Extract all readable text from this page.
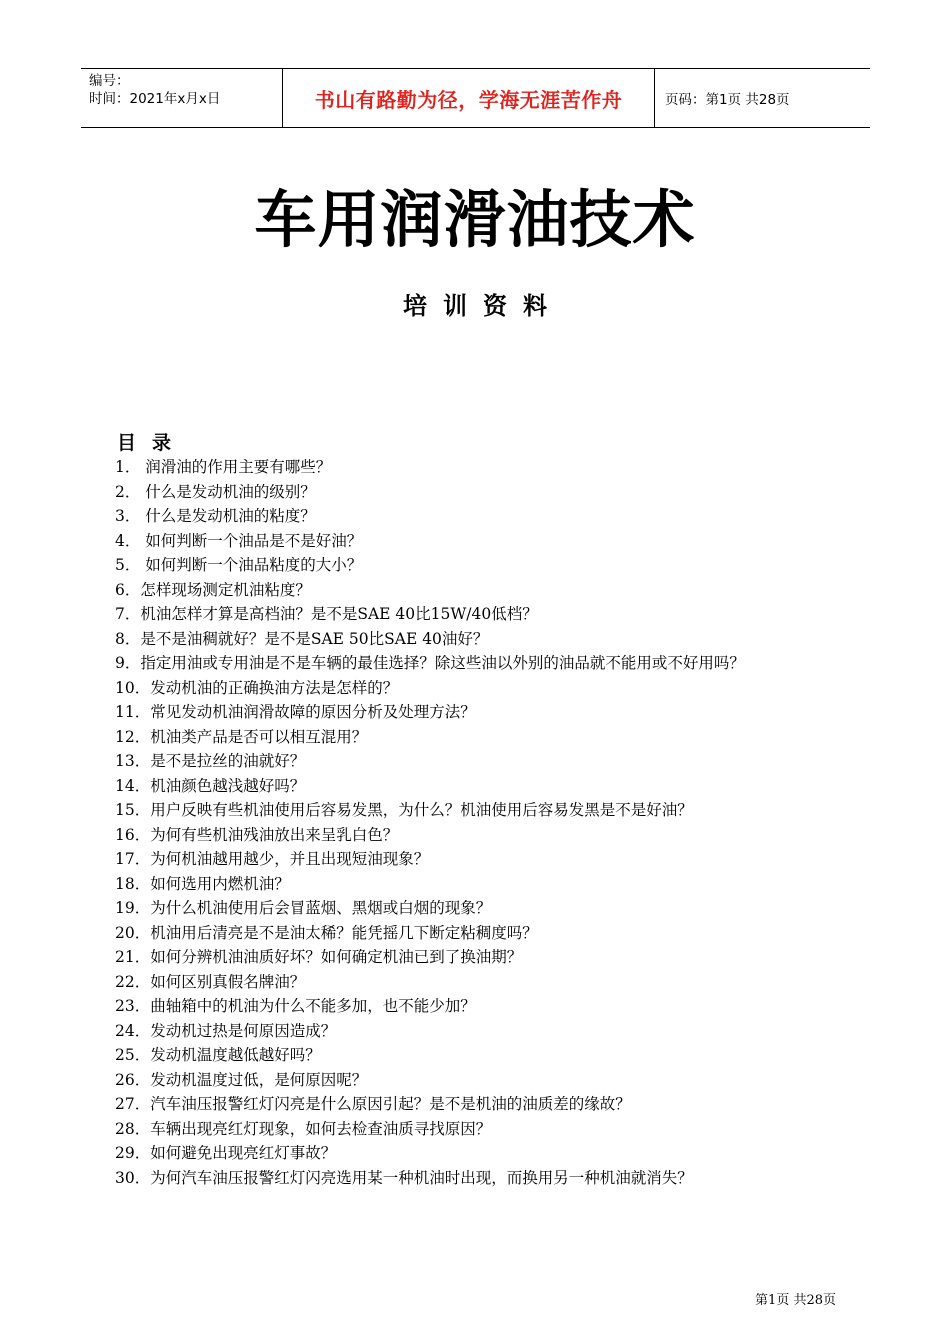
编号：
时间：2021年x月x日	书山有路勤为径，学海无涯苦作舟	页码：第1页 共28页
车用润滑油技术
培训资料
目录
1． 润滑油的作用主要有哪些？
2． 什么是发动机油的级别？
3． 什么是发动机油的粘度？
4． 如何判断一个油品是不是好油？
5． 如何判断一个油品粘度的大小？
6．怎样现场测定机油粘度？
7．机油怎样才算是高档油？是不是SAE 40比15W/40低档？
8．是不是油稠就好？是不是SAE 50比SAE 40油好？
9．指定用油或专用油是不是车辆的最佳选择？除这些油以外别的油品就不能用或不好用吗？
10．发动机油的正确换油方法是怎样的？
11．常见发动机油润滑故障的原因分析及处理方法？
12．机油类产品是否可以相互混用？
13．是不是拉丝的油就好？
14．机油颜色越浅越好吗？
15．用户反映有些机油使用后容易发黑，为什么？机油使用后容易发黑是不是好油？
16．为何有些机油残油放出来呈乳白色？
17．为何机油越用越少，并且出现短油现象？
18．如何选用内燃机油？
19．为什么机油使用后会冒蓝烟、黑烟或白烟的现象？
20．机油用后清亮是不是油太稀？能凭摇几下断定粘稠度吗？
21．如何分辨机油油质好坏？如何确定机油已到了换油期？
22．如何区别真假名牌油？
23．曲轴箱中的机油为什么不能多加，也不能少加？
24．发动机过热是何原因造成？
25．发动机温度越低越好吗？
26．发动机温度过低，是何原因呢？
27．汽车油压报警红灯闪亮是什么原因引起？是不是机油的油质差的缘故？
28．车辆出现亮红灯现象，如何去检查油质寻找原因？
29．如何避免出现亮红灯事故？
30．为何汽车油压报警红灯闪亮选用某一种机油时出现，而换用另一种机油就消失？
第1页 共28页
